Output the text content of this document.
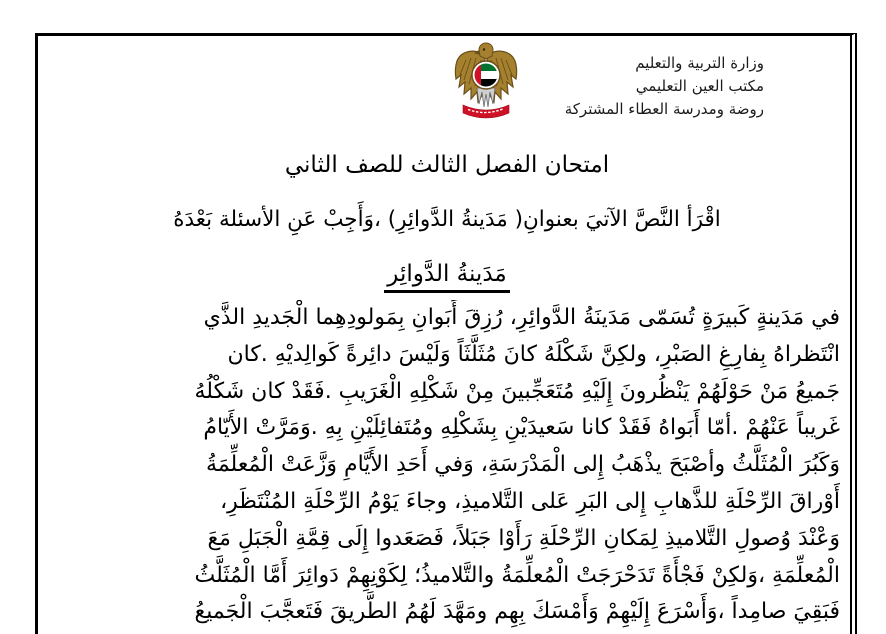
وزارة التربية والتعليم
مكتب العين التعليمي
روضة ومدرسة العطاء المشتركة
امتحان الفصل الثالث للصف الثاني
اقْرَأ النَّصَّ الآتيَ بعنوانِ( مَدَينةُ الدَّوائِرِ) ،وَأَجِبْ عَنِ الأسئلة بَعْدَهُ
مَدَينةُ الدَّوائِر
في مَدَينةٍ كَبيرَةٍ تُسَمّى مَدَينَةُ الدَّوائِرِ، رُزِقَ أَبَوانِ بِمَولودِهِما الْجَديدِ الذَّي
انْتَظراهُ بِفارِغِ الصَبْرِ، ولكِنَّ شَكْلَهُ كانَ مُثَلَّثَاً وَلَيْسَ دائِرةً كَوالِديْهِ .كان
جَميعُ مَنْ حَوْلَهُمْ يَنْظُرونَ إِلَيْهِ مُتَعَجِّبينَ مِنْ شَكْلِهِ الْغَرَيبِ .فَقَدْ كان شَكْلُهُ
غَريباً عَنْهُمْ .أمّا أَبَواهُ فَقَدْ كانا سَعيدَيْنِ بِشَكْلِهِ ومُتَفائِلَيْنِ بِهِ .وَمَرَّتْ الأَيّامُ
وَكَبُرَ الْمُثَلَّثُ وأصْبَحَ يذْهَبُ إِلى الْمَدْرَسَةِ، وَفي أَحَدِ الأَيَّامِ وَزَّعَتْ الْمُعلِّمَةُ
أَوْراقَ الرِّحْلَةِ للذَّهابِ إِلى البَرِ عَلى التَّلاميذِ، وجاءَ يَوْمُ الرِّحْلَةِ المُنْتَظَرِ،
وَعْنْدَ وُصولِ التَّلاميذِ لِمَكانِ الرِّحْلَةِ رَأَوْا جَبَلاً، فَصَعَدوا إِلَى قِمَّةِ الْجَبَلِ مَعَ
الْمُعلِّمَةِ ،وَلكِنْ فَجْأَةً تَدَحْرَجَتْ الْمُعلِّمَةُ والتَّلاميذُ؛ لِكَوْنِهِمْ دَوائِرَ أَمَّا الْمُثَلَّثُ
فَبَقِيَ صامِداً ،وَأَسْرَعَ إِلَيْهِمْ وَأَمْسَكَ بِهِم ومَهَّدَ لَهُمُ الطَّريقَ فَتَعجَّبَ الْجَميعُ
